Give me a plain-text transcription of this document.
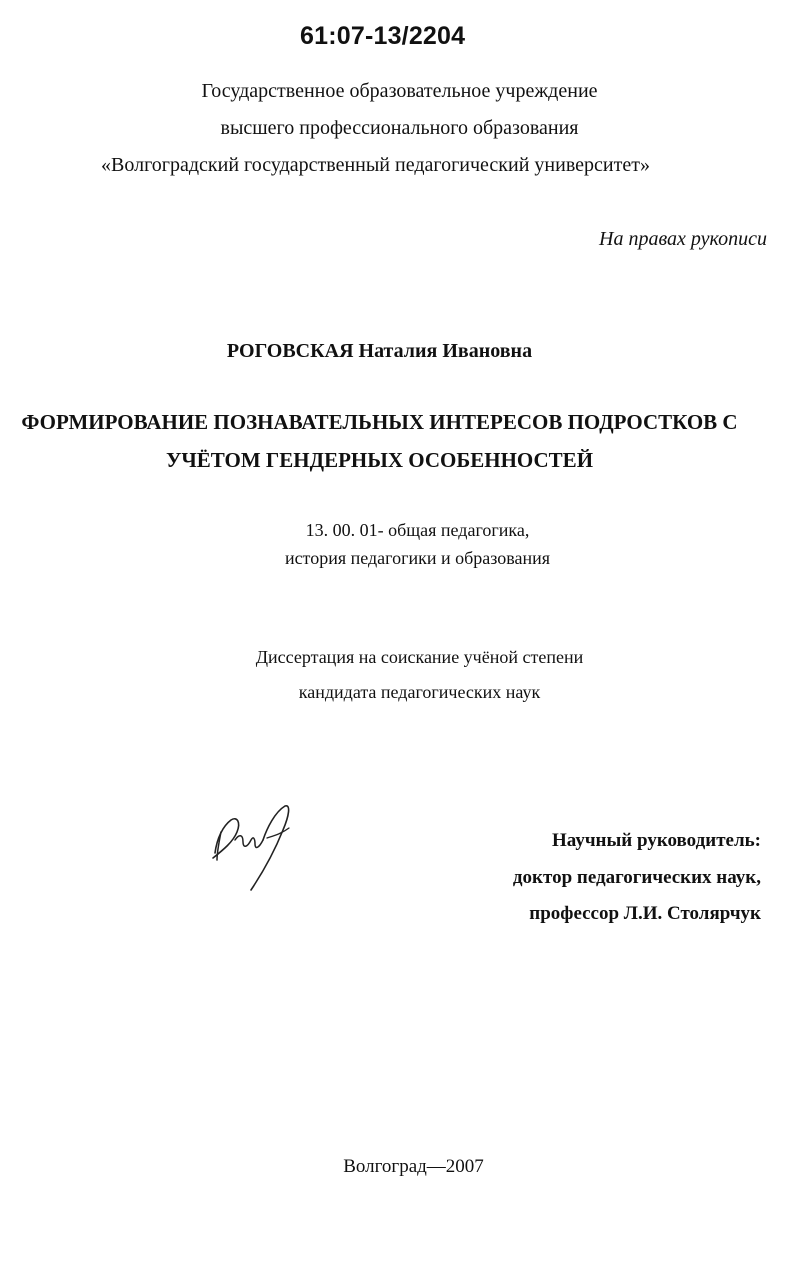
61:07-13/2204
Государственное образовательное учреждение
высшего профессионального образования
«Волгоградский государственный педагогический университет»
На правах рукописи
РОГОВСКАЯ Наталия Ивановна
ФОРМИРОВАНИЕ ПОЗНАВАТЕЛЬНЫХ ИНТЕРЕСОВ ПОДРОСТКОВ С
УЧЁТОМ ГЕНДЕРНЫХ ОСОБЕННОСТЕЙ
13. 00. 01- общая педагогика,
история педагогики и образования
Диссертация на соискание учёной степени
кандидата педагогических наук
Научный руководитель:
доктор педагогических наук,
профессор Л.И. Столярчук
Волгоград—2007
